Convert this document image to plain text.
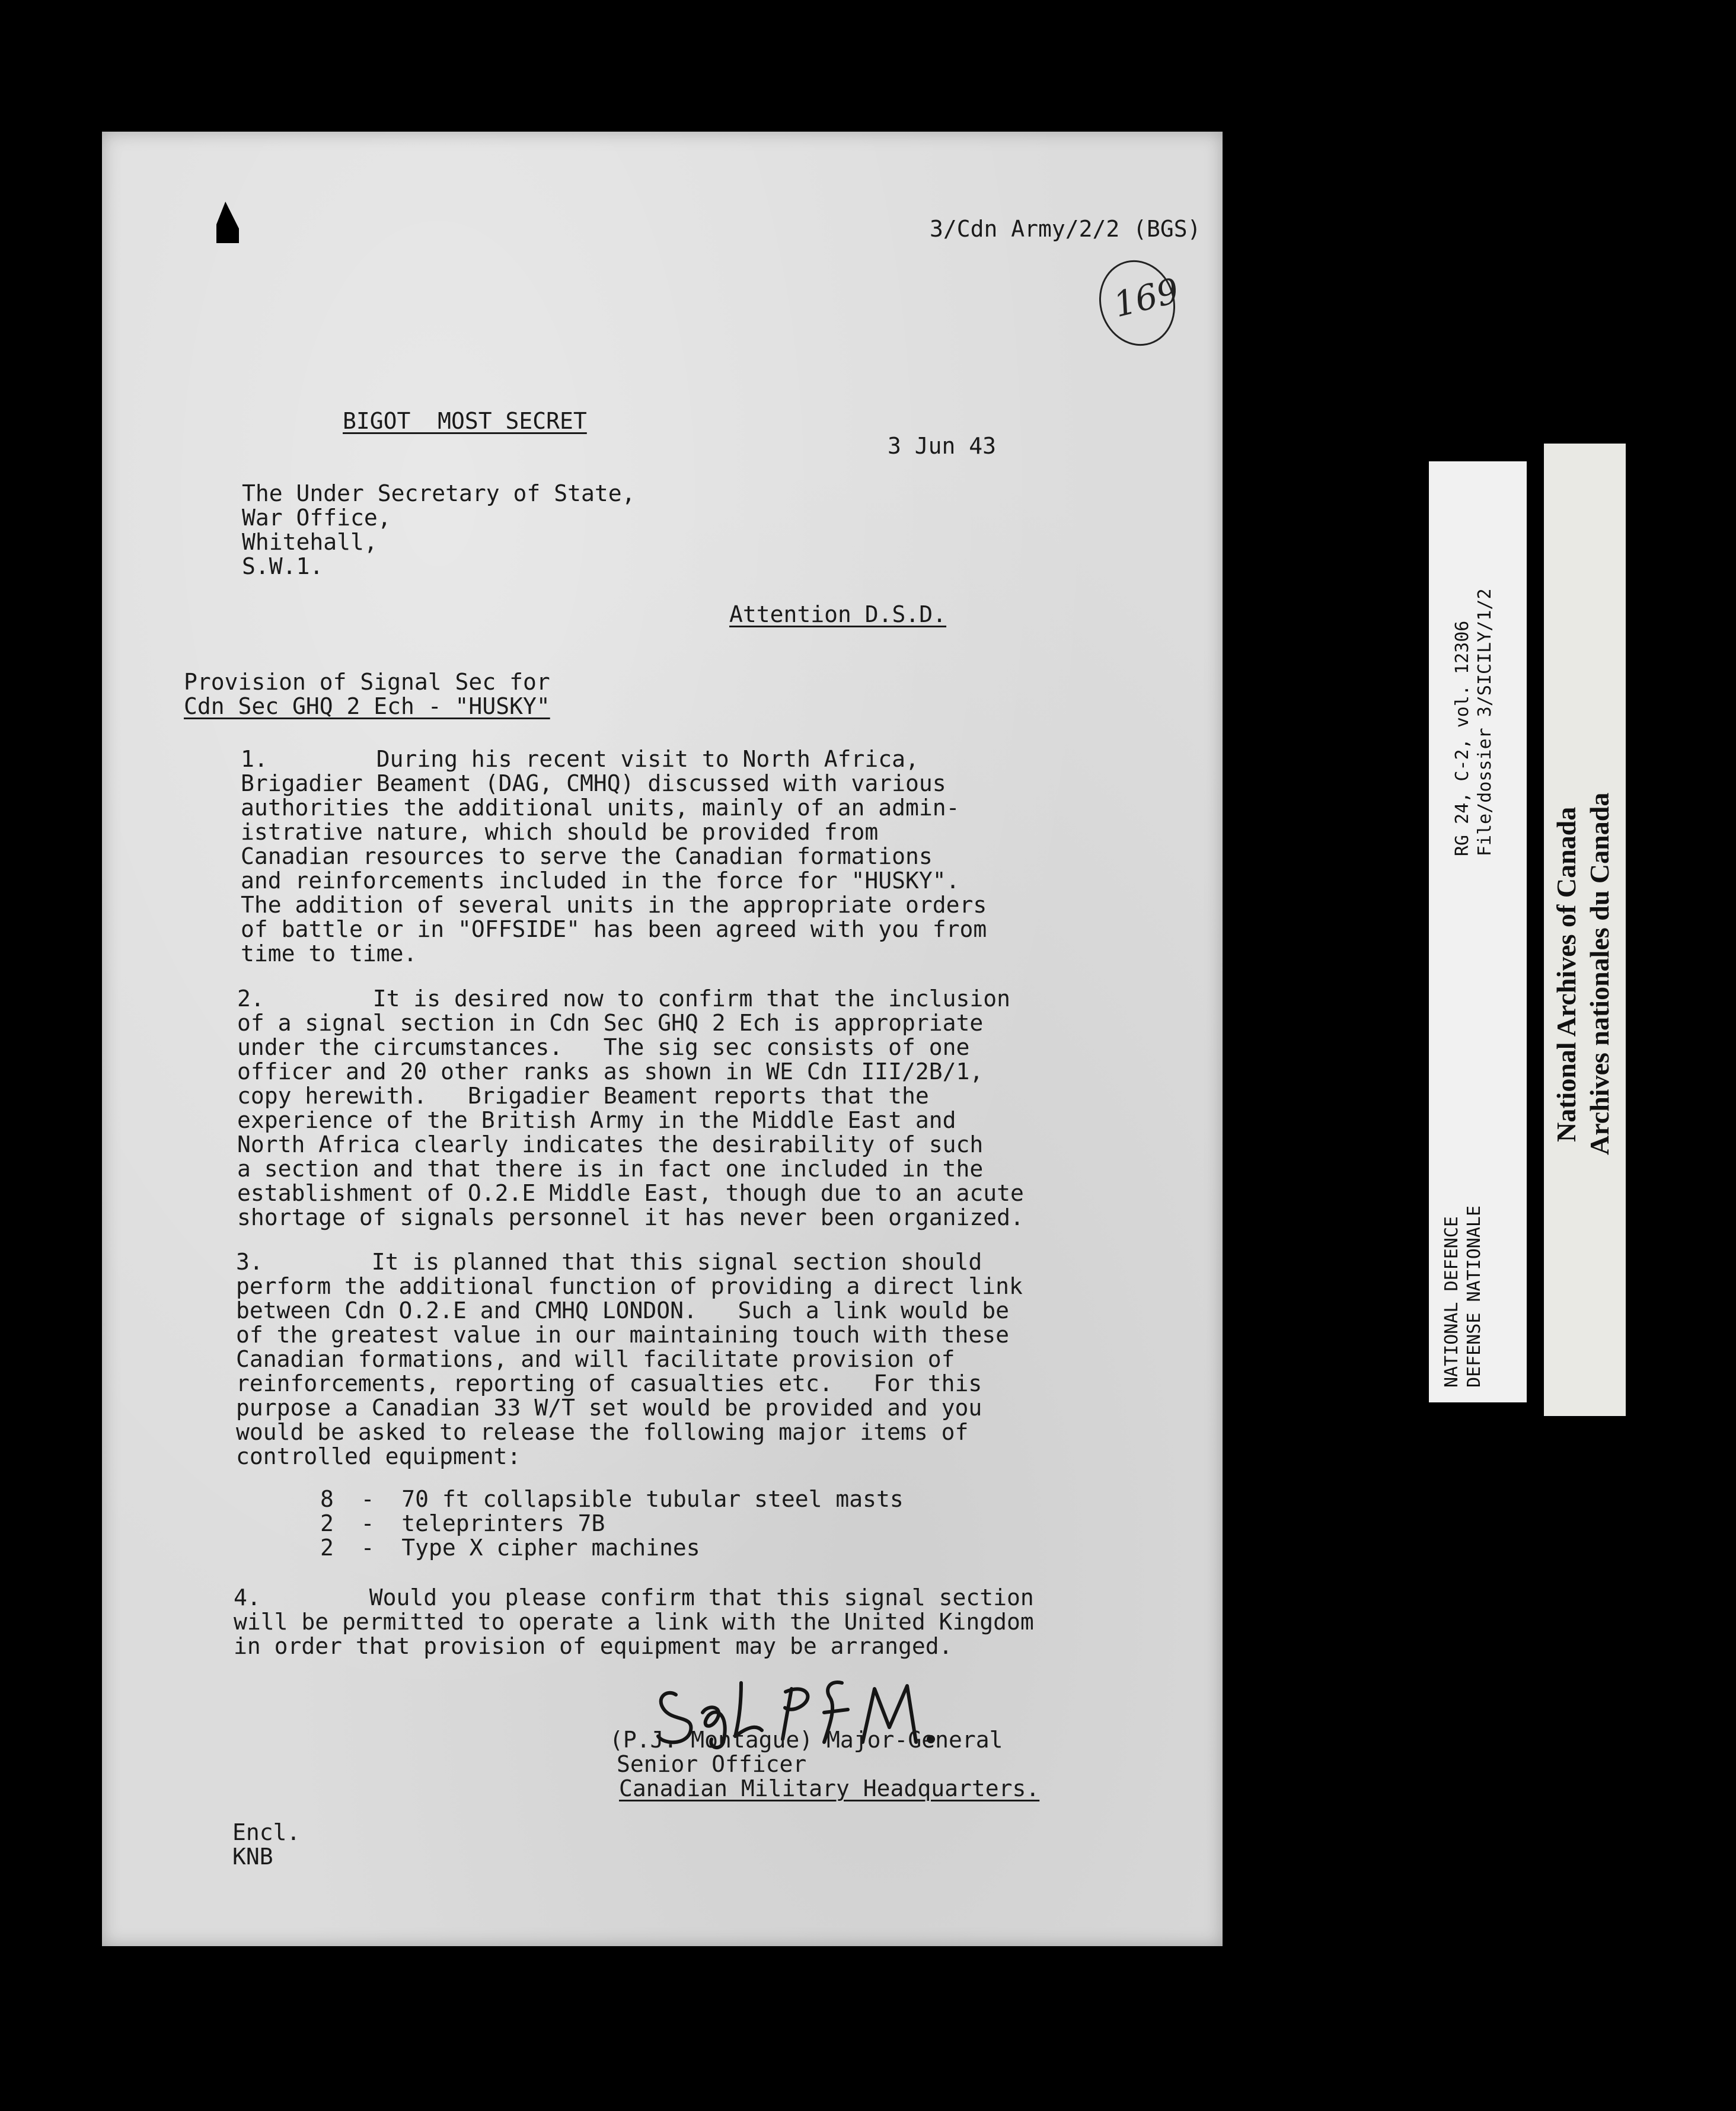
3/Cdn Army/2/2 (BGS)
169
BIGOT  MOST SECRET
3 Jun 43
The Under Secretary of State,
War Office,
Whitehall,
S.W.1.
Attention D.S.D.
Provision of Signal Sec for
Cdn Sec GHQ 2 Ech - "HUSKY"
1.        During his recent visit to North Africa,
Brigadier Beament (DAG, CMHQ) discussed with various
authorities the additional units, mainly of an admin-
istrative nature, which should be provided from
Canadian resources to serve the Canadian formations
and reinforcements included in the force for "HUSKY".
The addition of several units in the appropriate orders
of battle or in "OFFSIDE" has been agreed with you from
time to time.
2.        It is desired now to confirm that the inclusion
of a signal section in Cdn Sec GHQ 2 Ech is appropriate
under the circumstances.   The sig sec consists of one
officer and 20 other ranks as shown in WE Cdn III/2B/1,
copy herewith.   Brigadier Beament reports that the
experience of the British Army in the Middle East and
North Africa clearly indicates the desirability of such
a section and that there is in fact one included in the
establishment of O.2.E Middle East, though due to an acute
shortage of signals personnel it has never been organized.
3.        It is planned that this signal section should
perform the additional function of providing a direct link
between Cdn O.2.E and CMHQ LONDON.   Such a link would be
of the greatest value in our maintaining touch with these
Canadian formations, and will facilitate provision of
reinforcements, reporting of casualties etc.   For this
purpose a Canadian 33 W/T set would be provided and you
would be asked to release the following major items of
controlled equipment:
8  -  70 ft collapsible tubular steel masts
2  -  teleprinters 7B
2  -  Type X cipher machines
4.        Would you please confirm that this signal section
will be permitted to operate a link with the United Kingdom
in order that provision of equipment may be arranged.
(P.J. Montague) Major-General
Senior Officer
Canadian Military Headquarters.
Encl.
KNB
RG 24, C-2, vol. 12306 File/dossier 3/SICILY/1/2
NATIONAL DEFENCE DEFENSE NATIONALE
National Archives of Canada Archives nationales du Canada
